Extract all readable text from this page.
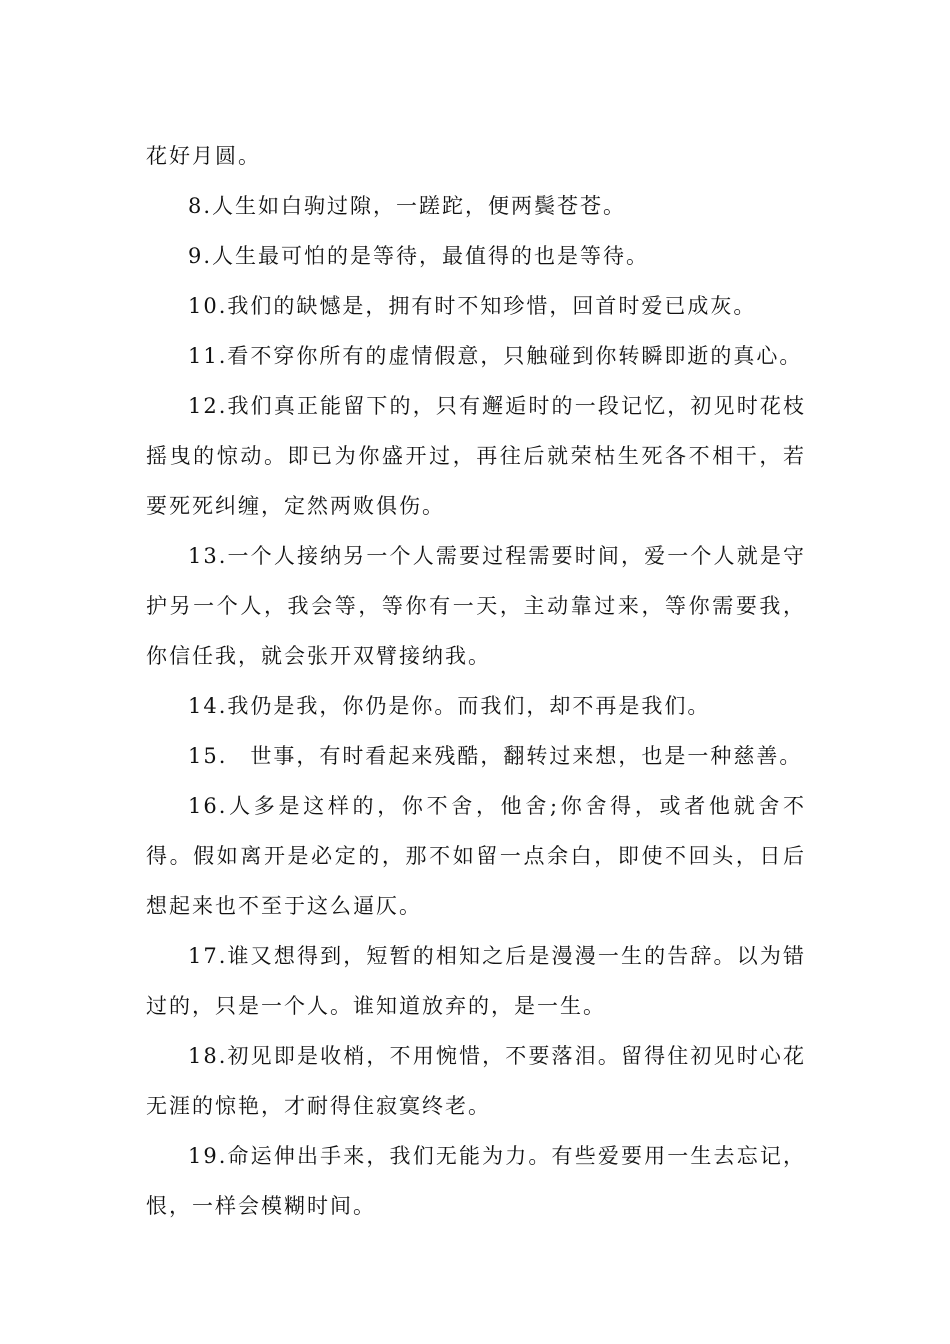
花好月圆。

8.人生如白驹过隙，一蹉跎，便两鬓苍苍。

9.人生最可怕的是等待，最值得的也是等待。

10.我们的缺憾是，拥有时不知珍惜，回首时爱已成灰。

11.看不穿你所有的虚情假意，只触碰到你转瞬即逝的真心。

12.我们真正能留下的，只有邂逅时的一段记忆，初见时花枝摇曳的惊动。即已为你盛开过，再往后就荣枯生死各不相干，若要死死纠缠，定然两败俱伤。

13.一个人接纳另一个人需要过程需要时间，爱一个人就是守护另一个人，我会等，等你有一天，主动靠过来，等你需要我，你信任我，就会张开双臂接纳我。

14.我仍是我，你仍是你。而我们，却不再是我们。

15.　世事，有时看起来残酷，翻转过来想，也是一种慈善。

16.人多是这样的，你不舍，他舍;你舍得，或者他就舍不得。假如离开是必定的，那不如留一点余白，即使不回头，日后想起来也不至于这么逼仄。

17.谁又想得到，短暂的相知之后是漫漫一生的告辞。以为错过的，只是一个人。谁知道放弃的，是一生。

18.初见即是收梢，不用惋惜，不要落泪。留得住初见时心花无涯的惊艳，才耐得住寂寞终老。

19.命运伸出手来，我们无能为力。有些爱要用一生去忘记，恨，一样会模糊时间。
